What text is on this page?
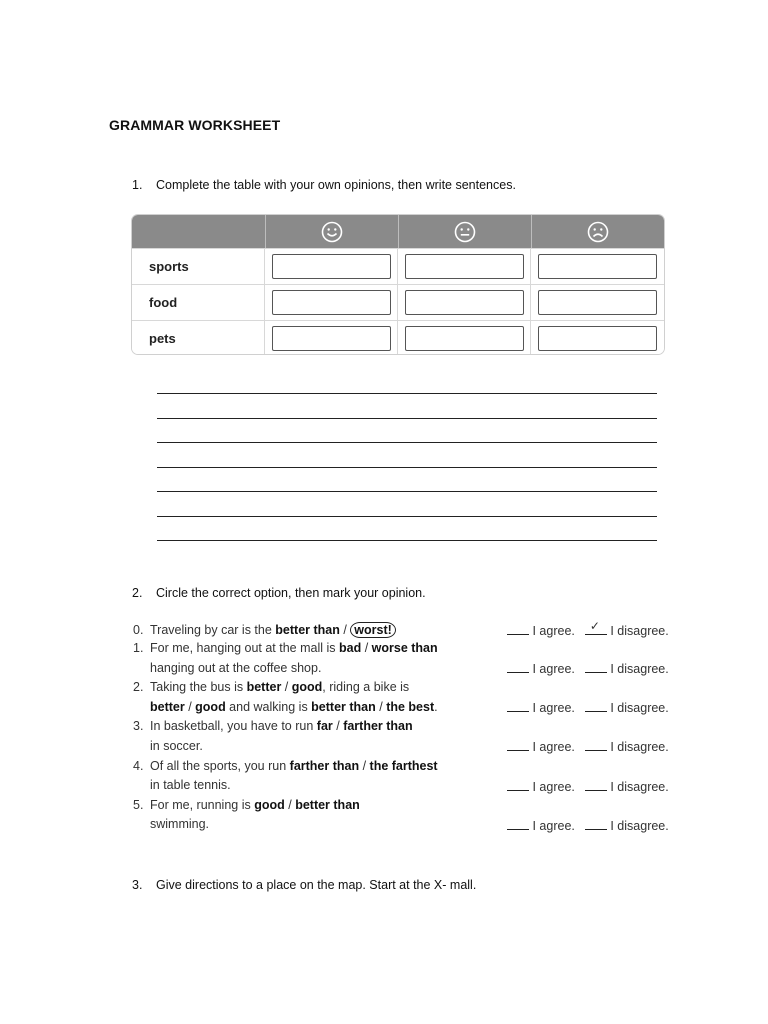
GRAMMAR WORKSHEET
1. Complete the table with your own opinions, then write sentences.
sports
food
pets
2. Circle the correct option, then mark your opinion.
0. Traveling by car is the better than / worst!	I agree. ✓ I disagree.
1. For me, hanging out at the mall is bad / worse than
hanging out at the coffee shop.	I agree.	I disagree.
2. Taking the bus is better / good, riding a bike is
better / good and walking is better than / the best.	I agree.	I disagree.
3. In basketball, you have to run far / farther than
in soccer.	I agree.	I disagree.
4. Of all the sports, you run farther than / the farthest
in table tennis.	I agree.	I disagree.
5. For me, running is good / better than
swimming.	I agree.	I disagree.
3. Give directions to a place on the map. Start at the X- mall.
